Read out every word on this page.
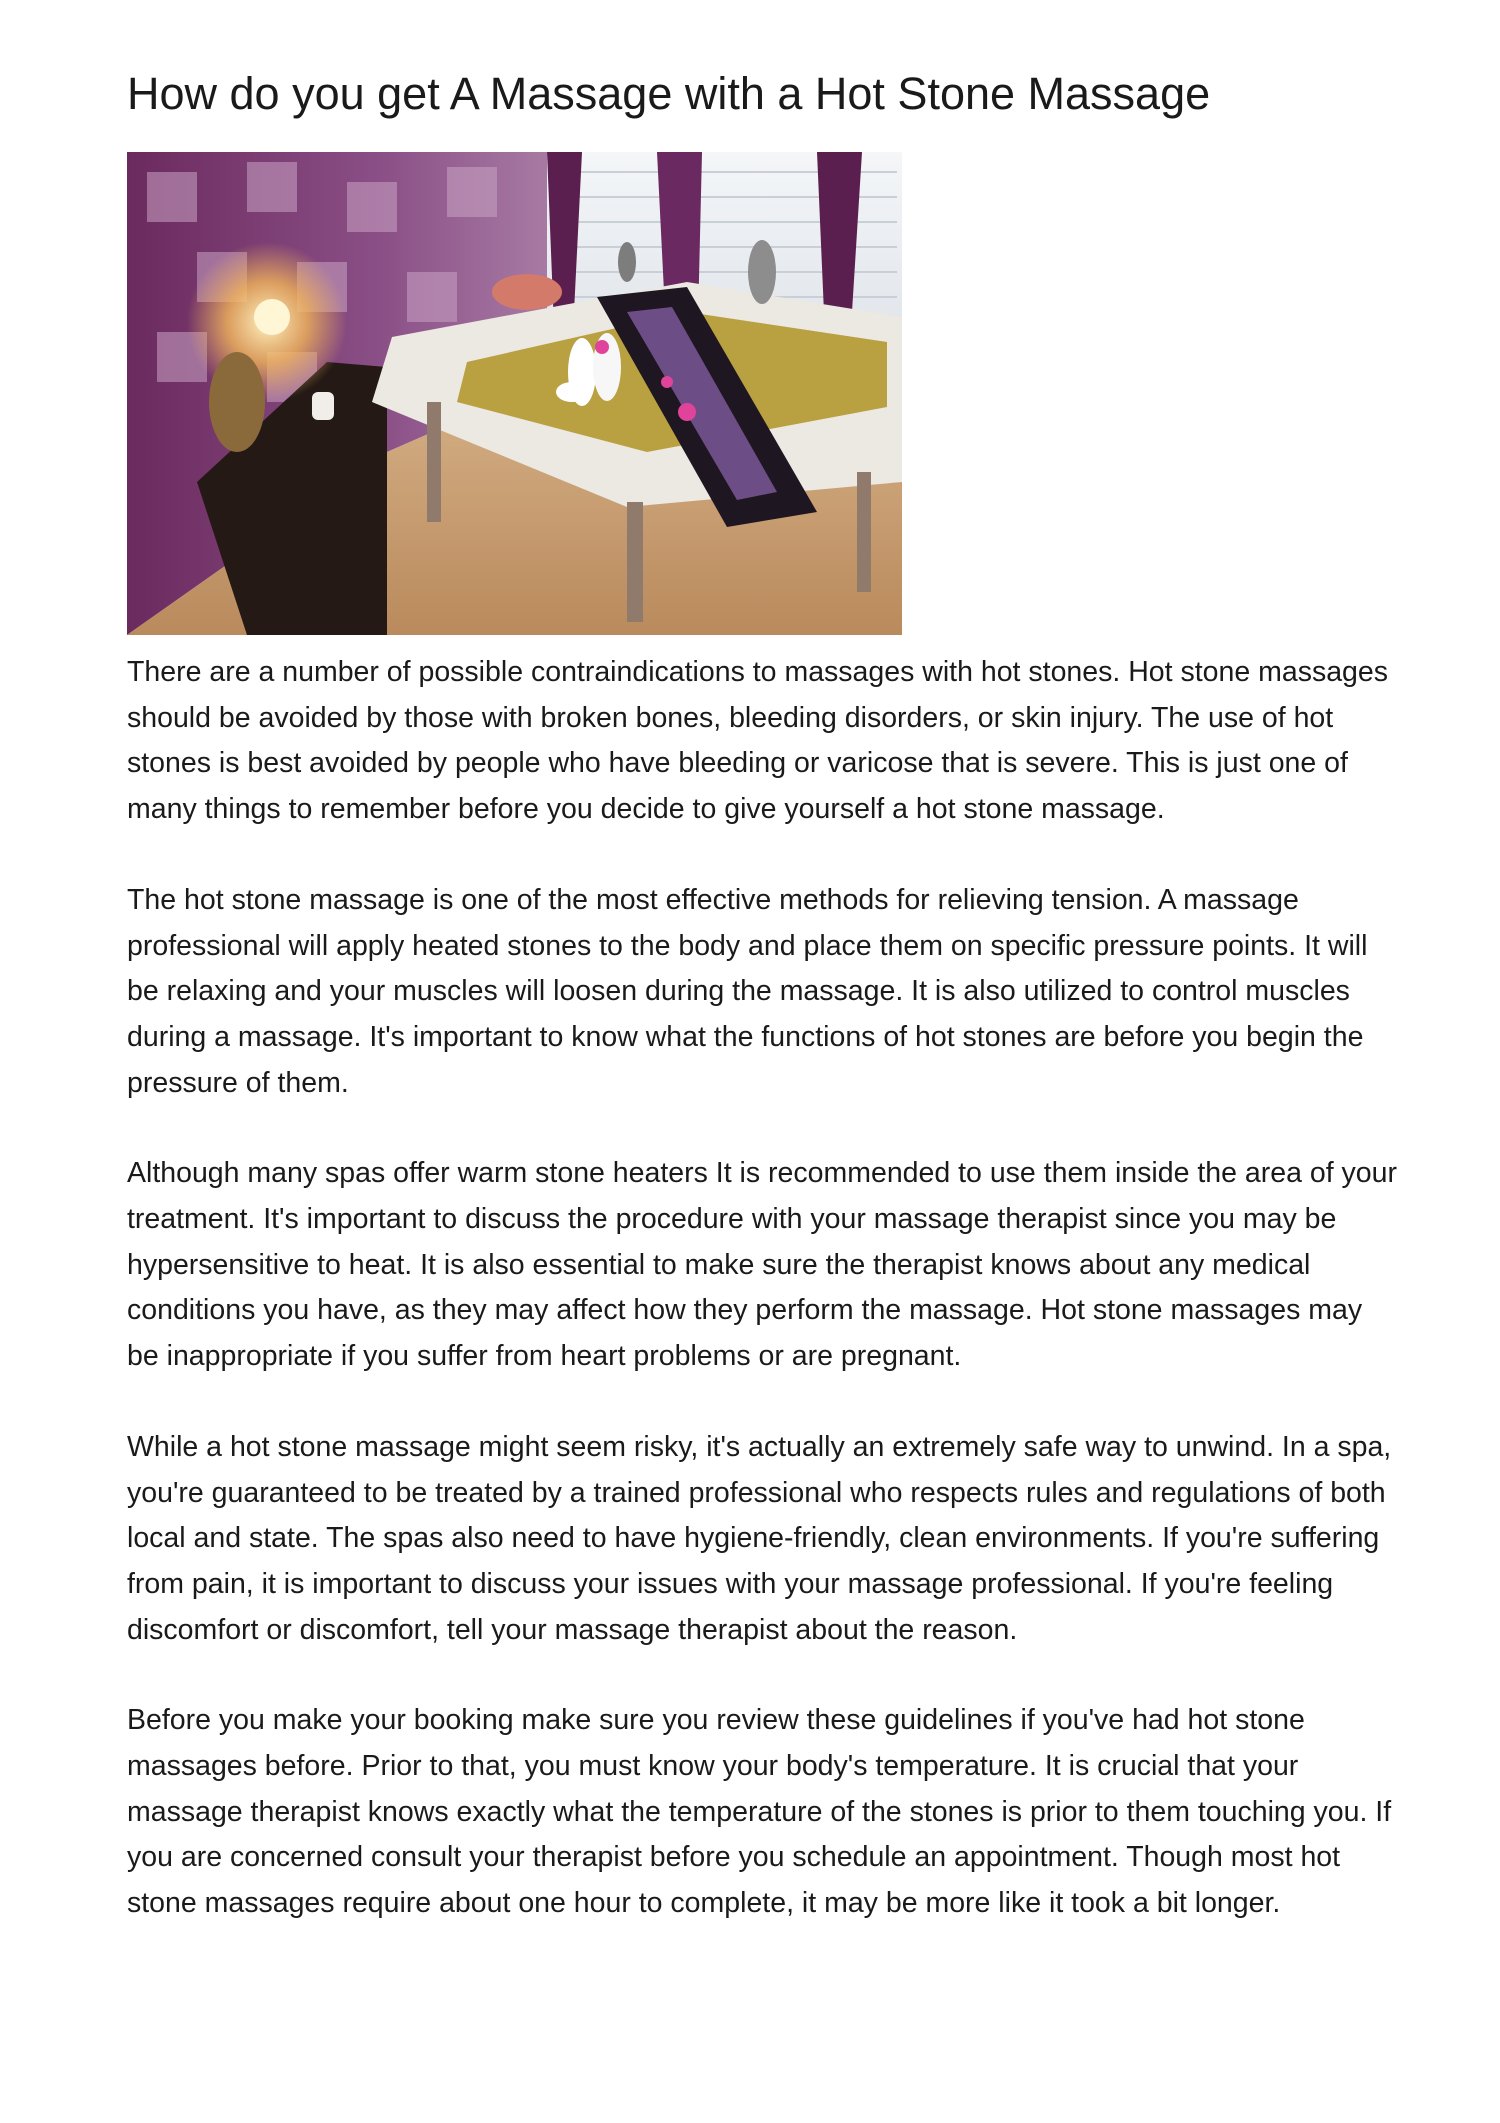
How do you get A Massage with a Hot Stone Massage

There are a number of possible contraindications to massages with hot stones. Hot stone massages should be avoided by those with broken bones, bleeding disorders, or skin injury. The use of hot stones is best avoided by people who have bleeding or varicose that is severe. This is just one of many things to remember before you decide to give yourself a hot stone massage.

The hot stone massage is one of the most effective methods for relieving tension. A massage professional will apply heated stones to the body and place them on specific pressure points. It will be relaxing and your muscles will loosen during the massage. It is also utilized to control muscles during a massage. It's important to know what the functions of hot stones are before you begin the pressure of them.

Although many spas offer warm stone heaters It is recommended to use them inside the area of your treatment. It's important to discuss the procedure with your massage therapist since you may be hypersensitive to heat. It is also essential to make sure the therapist knows about any medical conditions you have, as they may affect how they perform the massage. Hot stone massages may be inappropriate if you suffer from heart problems or are pregnant.

While a hot stone massage might seem risky, it's actually an extremely safe way to unwind. In a spa, you're guaranteed to be treated by a trained professional who respects rules and regulations of both local and state. The spas also need to have hygiene-friendly, clean environments. If you're suffering from pain, it is important to discuss your issues with your massage professional. If you're feeling discomfort or discomfort, tell your massage therapist about the reason.

Before you make your booking make sure you review these guidelines if you've had hot stone massages before. Prior to that, you must know your body's temperature. It is crucial that your massage therapist knows exactly what the temperature of the stones is prior to them touching you. If you are concerned consult your therapist before you schedule an appointment. Though most hot stone massages require about one hour to complete, it may be more like it took a bit longer.
